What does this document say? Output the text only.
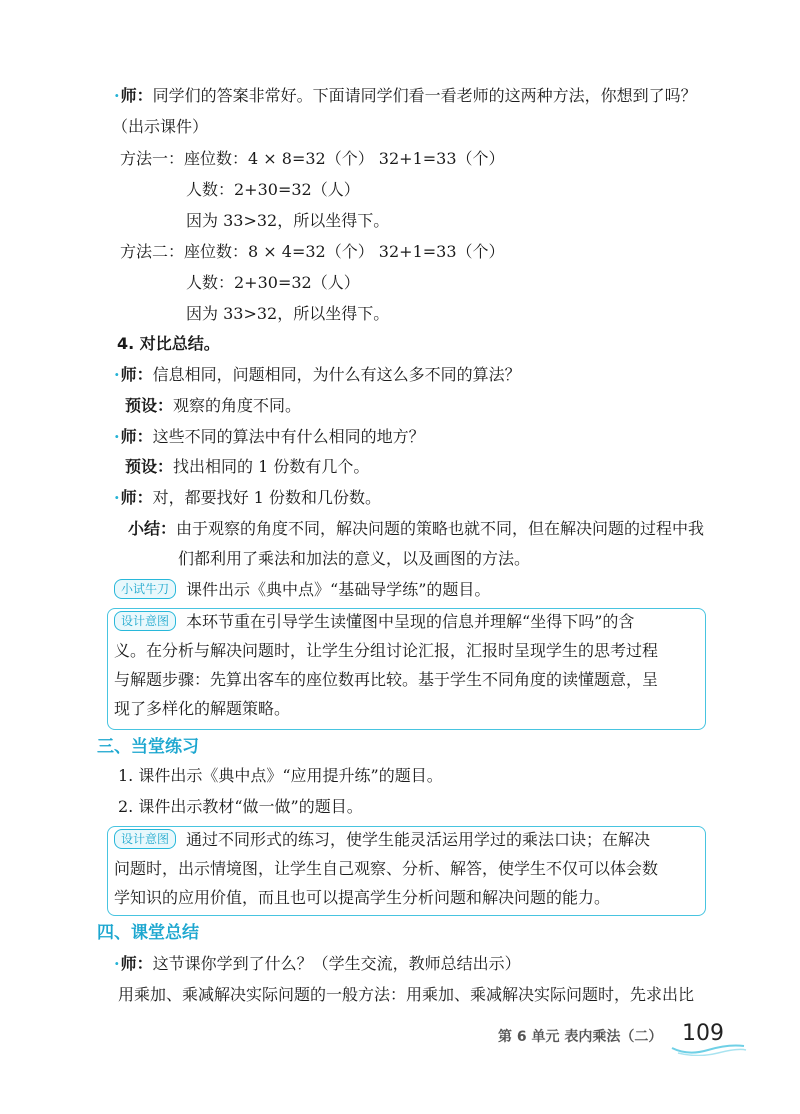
·师：同学们的答案非常好。下面请同学们看一看老师的这两种方法，你想到了吗？
（出示课件）
方法一：座位数：4 × 8=32（个） 32+1=33（个）
人数：2+30=32（人）
因为 33>32，所以坐得下。
方法二：座位数：8 × 4=32（个） 32+1=33（个）
人数：2+30=32（人）
因为 33>32，所以坐得下。
4. 对比总结。
·师：信息相同，问题相同，为什么有这么多不同的算法？
预设：观察的角度不同。
·师：这些不同的算法中有什么相同的地方？
预设：找出相同的 1 份数有几个。
·师：对，都要找好 1 份数和几份数。
小结：由于观察的角度不同，解决问题的策略也就不同，但在解决问题的过程中我
们都利用了乘法和加法的意义，以及画图的方法。
小试牛刀 课件出示《典中点》“基础导学练”的题目。
设计意图 本环节重在引导学生读懂图中呈现的信息并理解“坐得下吗”的含
义。在分析与解决问题时，让学生分组讨论汇报，汇报时呈现学生的思考过程
与解题步骤：先算出客车的座位数再比较。基于学生不同角度的读懂题意，呈
现了多样化的解题策略。
三、当堂练习
1. 课件出示《典中点》“应用提升练”的题目。
2. 课件出示教材“做一做”的题目。
设计意图 通过不同形式的练习，使学生能灵活运用学过的乘法口诀；在解决
问题时，出示情境图，让学生自己观察、分析、解答，使学生不仅可以体会数
学知识的应用价值，而且也可以提高学生分析问题和解决问题的能力。
四、课堂总结
·师：这节课你学到了什么？（学生交流，教师总结出示）
用乘加、乘减解决实际问题的一般方法：用乘加、乘减解决实际问题时，先求出比
第 6 单元 表内乘法（二） 109
